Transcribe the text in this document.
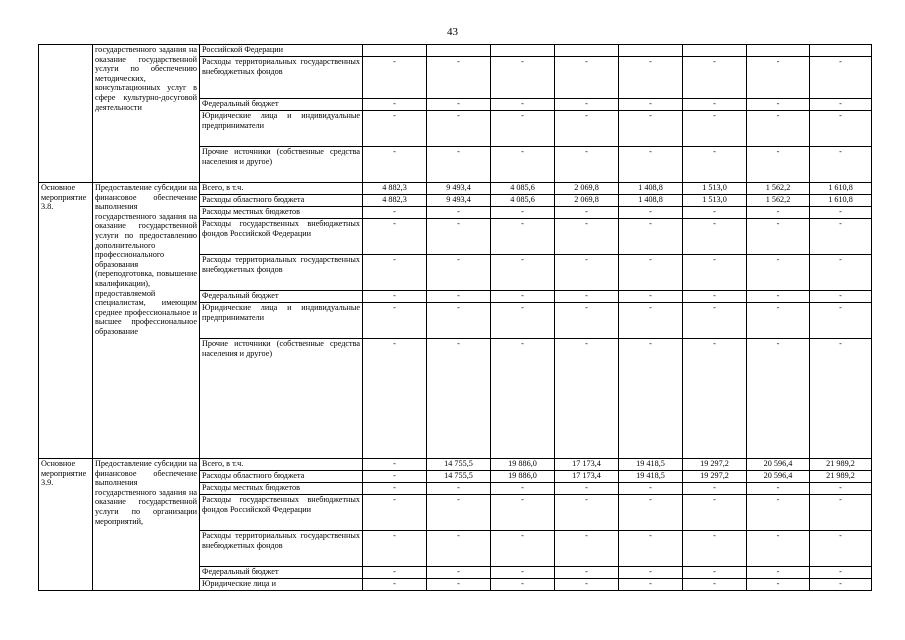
43
	государственного задания на оказание государственной услуги по обеспечению методических, консультационных услуг в сфере культурно-досуговой деятельности	Российской Федерации								
		Расходы территориальных государственных внебюджетных фондов	-	-	-	-	-	-	-	-
		Федеральный бюджет	-	-	-	-	-	-	-	-
		Юридические лица и индивидуальные предприниматели	-	-	-	-	-	-	-	-
		Прочие источники (собственные средства населения и другое)	-	-	-	-	-	-	-	-
Основное мероприятие 3.8.	Предоставление субсидии на финансовое обеспечение выполнения государственного задания на оказание государственной услуги по предоставлению дополнительного профессионального образования (переподготовка, повышение квалификации), предоставляемой специалистам, имеющим среднее профессиональное и высшее профессиональное образование	Всего, в т.ч.	4 882,3	9 493,4	4 085,6	2 069,8	1 408,8	1 513,0	1 562,2	1 610,8
		Расходы областного бюджета	4 882,3	9 493,4	4 085,6	2 069,8	1 408,8	1 513,0	1 562,2	1 610,8
		Расходы местных бюджетов	-	-	-	-	-	-	-	-
		Расходы государственных внебюджетных фондов Российской Федерации	-	-	-	-	-	-	-	-
		Расходы территориальных государственных внебюджетных фондов	-	-	-	-	-	-	-	-
		Федеральный бюджет	-	-	-	-	-	-	-	-
		Юридические лица и индивидуальные предприниматели	-	-	-	-	-	-	-	-
		Прочие источники (собственные средства населения и другое)	-	-	-	-	-	-	-	-
Основное мероприятие 3.9.	Предоставление субсидии на финансовое обеспечение выполнения государственного задания на оказание государственной услуги по организации мероприятий,	Всего, в т.ч.	-	14 755,5	19 886,0	17 173,4	19 418,5	19 297,2	20 596,4	21 989,2
		Расходы областного бюджета	-	14 755,5	19 886,0	17 173,4	19 418,5	19 297,2	20 596,4	21 989,2
		Расходы местных бюджетов	-	-	-	-	-	-	-	-
		Расходы государственных внебюджетных фондов Российской Федерации	-	-	-	-	-	-	-	-
		Расходы территориальных государственных внебюджетных фондов	-	-	-	-	-	-	-	-
		Федеральный бюджет	-	-	-	-	-	-	-	-
		Юридические лица и	-	-	-	-	-	-	-	-
